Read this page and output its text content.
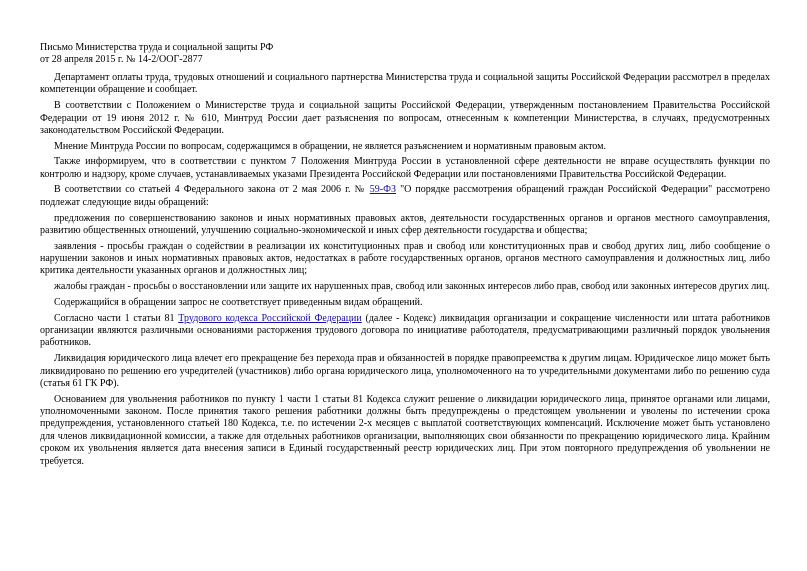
Письмо Министерства труда и социальной защиты РФ
от 28 апреля 2015 г. № 14-2/ООГ-2877

Департамент оплаты труда, трудовых отношений и социального партнерства Министерства труда и социальной защиты Российской Федерации рассмотрел в пределах компетенции обращение и сообщает.

В соответствии с Положением о Министерстве труда и социальной защиты Российской Федерации, утвержденным постановлением Правительства Российской Федерации от 19 июня 2012 г. № 610, Минтруд России дает разъяснения по вопросам, отнесенным к компетенции Министерства, в случаях, предусмотренных законодательством Российской Федерации.

Мнение Минтруда России по вопросам, содержащимся в обращении, не является разъяснением и нормативным правовым актом.

Также информируем, что в соответствии с пунктом 7 Положения Минтруда России в установленной сфере деятельности не вправе осуществлять функции по контролю и надзору, кроме случаев, устанавливаемых указами Президента Российской Федерации или постановлениями Правительства Российской Федерации.

В соответствии со статьей 4 Федерального закона от 2 мая 2006 г. № 59-ФЗ "О порядке рассмотрения обращений граждан Российской Федерации" рассмотрено подлежат следующие виды обращений:

предложения по совершенствованию законов и иных нормативных правовых актов, деятельности государственных органов и органов местного самоуправления, развитию общественных отношений, улучшению социально-экономической и иных сфер деятельности государства и общества;

заявления - просьбы граждан о содействии в реализации их конституционных прав и свобод или конституционных прав и свобод других лиц, либо сообщение о нарушении законов и иных нормативных правовых актов, недостатках в работе государственных органов, органов местного самоуправления и должностных лиц, либо критика деятельности указанных органов и должностных лиц;

жалобы граждан - просьбы о восстановлении или защите их нарушенных прав, свобод или законных интересов либо прав, свобод или законных интересов других лиц.

Содержащийся в обращении запрос не соответствует приведенным видам обращений.

Согласно части 1 статьи 81 Трудового кодекса Российской Федерации (далее - Кодекс) ликвидация организации и сокращение численности или штата работников организации являются различными основаниями расторжения трудового договора по инициативе работодателя, предусматривающими различный порядок увольнения работников.

Ликвидация юридического лица влечет его прекращение без перехода прав и обязанностей в порядке правопреемства к другим лицам. Юридическое лицо может быть ликвидировано по решению его учредителей (участников) либо органа юридического лица, уполномоченного на то учредительными документами либо по решению суда (статья 61 ГК РФ).

Основанием для увольнения работников по пункту 1 части 1 статьи 81 Кодекса служит решение о ликвидации юридического лица, принятое органами или лицами, уполномоченными законом. После принятия такого решения работники должны быть предупреждены о предстоящем увольнении и уволены по истечении срока предупреждения, установленного статьей 180 Кодекса, т.е. по истечении 2-х месяцев с выплатой соответствующих компенсаций. Исключение может быть установлено для членов ликвидационной комиссии, а также для отдельных работников организации, выполняющих свои обязанности по прекращению юридического лица. Крайним сроком их увольнения является дата внесения записи в Единый государственный реестр юридических лиц. При этом повторного предупреждения об увольнении не требуется.
